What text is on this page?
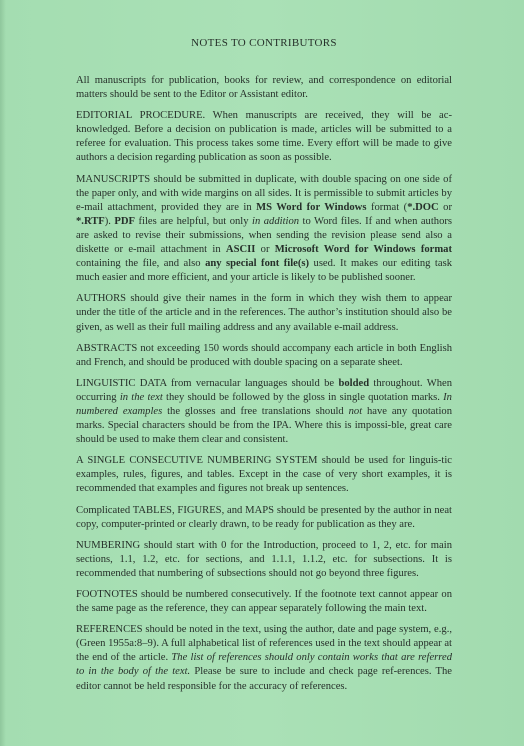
NOTES TO CONTRIBUTORS

All manuscripts for publication, books for review, and correspondence on editorial matters should be sent to the Editor or Assistant editor.

EDITORIAL PROCEDURE. When manuscripts are received, they will be ac-knowledged. Before a decision on publication is made, articles will be submitted to a referee for evaluation. This process takes some time. Every effort will be made to give authors a decision regarding publication as soon as possible.

MANUSCRIPTS should be submitted in duplicate, with double spacing on one side of the paper only, and with wide margins on all sides. It is permissible to submit articles by e-mail attachment, provided they are in MS Word for Windows format (*.DOC or *.RTF). PDF files are helpful, but only in addition to Word files. If and when authors are asked to revise their submissions, when sending the revision please send also a diskette or e-mail attachment in ASCII or Microsoft Word for Windows format containing the file, and also any special font file(s) used. It makes our editing task much easier and more efficient, and your article is likely to be published sooner.

AUTHORS should give their names in the form in which they wish them to appear under the title of the article and in the references. The author’s institution should also be given, as well as their full mailing address and any available e-mail address.

ABSTRACTS not exceeding 150 words should accompany each article in both English and French, and should be produced with double spacing on a separate sheet.

LINGUISTIC DATA from vernacular languages should be bolded throughout. When occurring in the text they should be followed by the gloss in single quotation marks. In numbered examples the glosses and free translations should not have any quotation marks. Special characters should be from the IPA. Where this is impossi-ble, great care should be used to make them clear and consistent.

A SINGLE CONSECUTIVE NUMBERING SYSTEM should be used for linguis-tic examples, rules, figures, and tables. Except in the case of very short examples, it is recommended that examples and figures not break up sentences.

Complicated TABLES, FIGURES, and MAPS should be presented by the author in neat copy, computer-printed or clearly drawn, to be ready for publication as they are.

NUMBERING should start with 0 for the Introduction, proceed to 1, 2, etc. for main sections, 1.1, 1.2, etc. for sections, and 1.1.1, 1.1.2, etc. for subsections. It is recommended that numbering of subsections should not go beyond three figures.

FOOTNOTES should be numbered consecutively. If the footnote text cannot appear on the same page as the reference, they can appear separately following the main text.

REFERENCES should be noted in the text, using the author, date and page system, e.g., (Green 1955a:8–9). A full alphabetical list of references used in the text should appear at the end of the article. The list of references should only contain works that are referred to in the body of the text. Please be sure to include and check page ref-erences. The editor cannot be held responsible for the accuracy of references.
